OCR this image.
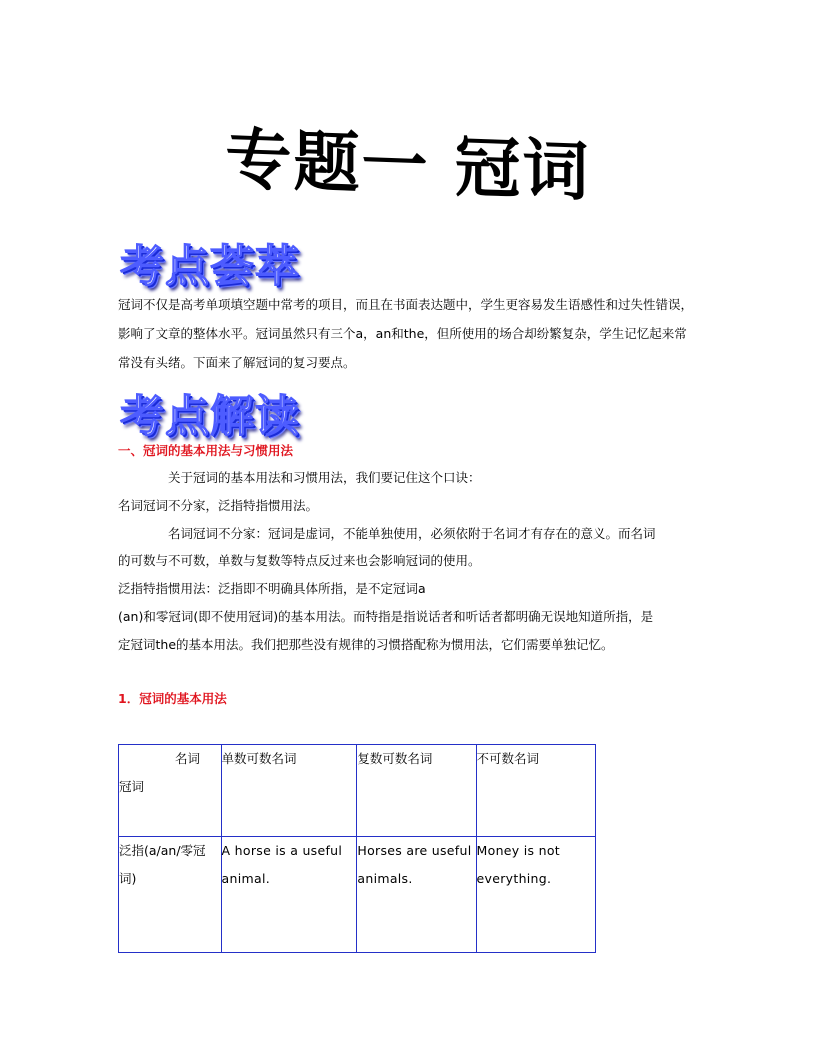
专题一 冠词
考点荟萃
冠词不仅是高考单项填空题中常考的项目，而且在书面表达题中，学生更容易发生语感性和过失性错误，影响了文章的整体水平。冠词虽然只有三个a，an和the，但所使用的场合却纷繁复杂，学生记忆起来常常没有头绪。下面来了解冠词的复习要点。
考点解读
一、冠词的基本用法与习惯用法
关于冠词的基本用法和习惯用法，我们要记住这个口诀：
名词冠词不分家，泛指特指惯用法。
名词冠词不分家：冠词是虚词，不能单独使用，必须依附于名词才有存在的意义。而名词
的可数与不可数，单数与复数等特点反过来也会影响冠词的使用。
泛指特指惯用法：泛指即不明确具体所指，是不定冠词a
(an)和零冠词(即不使用冠词)的基本用法。而特指是指说话者和听话者都明确无误地知道所指，是
定冠词the的基本用法。我们把那些没有规律的习惯搭配称为惯用法，它们需要单独记忆。
1．冠词的基本用法
名词
冠词	单数可数名词	复数可数名词	不可数名词
泛指(a/an/零冠词)	A horse is a useful animal.	Horses are useful animals.	Money is not everything.
